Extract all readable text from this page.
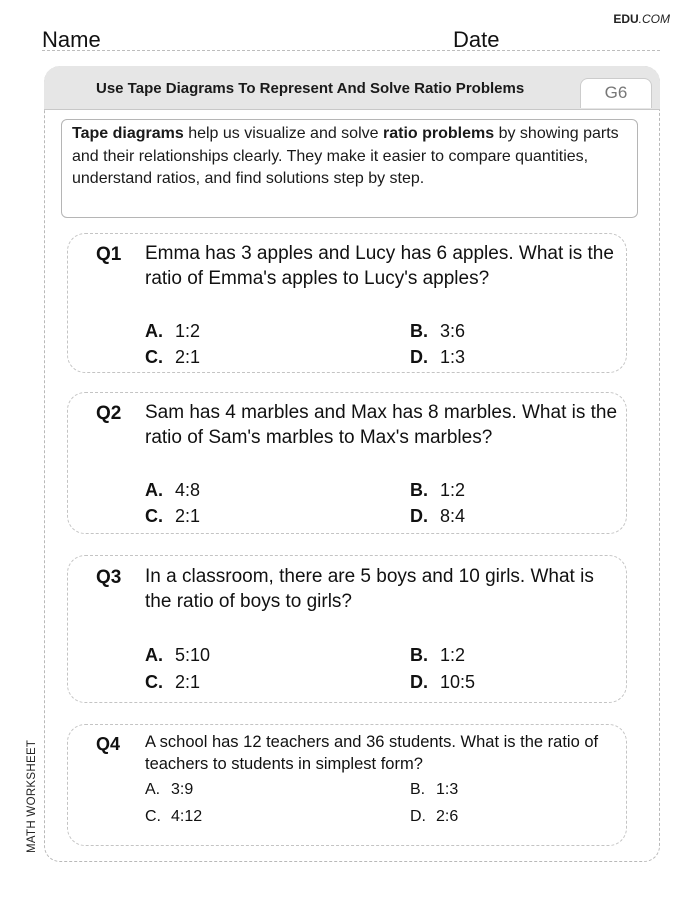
EDU.COM
Name	Date
Use Tape Diagrams To Represent And Solve Ratio Problems	G6
Tape diagrams help us visualize and solve ratio problems by showing parts and their relationships clearly. They make it easier to compare quantities, understand ratios, and find solutions step by step.
Q1 Emma has 3 apples and Lucy has 6 apples. What is the ratio of Emma's apples to Lucy's apples?
A. 1:2	B. 3:6
C. 2:1	D. 1:3
Q2 Sam has 4 marbles and Max has 8 marbles. What is the ratio of Sam's marbles to Max's marbles?
A. 4:8	B. 1:2
C. 2:1	D. 8:4
Q3 In a classroom, there are 5 boys and 10 girls. What is the ratio of boys to girls?
A. 5:10	B. 1:2
C. 2:1	D. 10:5
Q4 A school has 12 teachers and 36 students. What is the ratio of teachers to students in simplest form?
A. 3:9	B. 1:3
C. 4:12	D. 2:6
MATH WORKSHEET
